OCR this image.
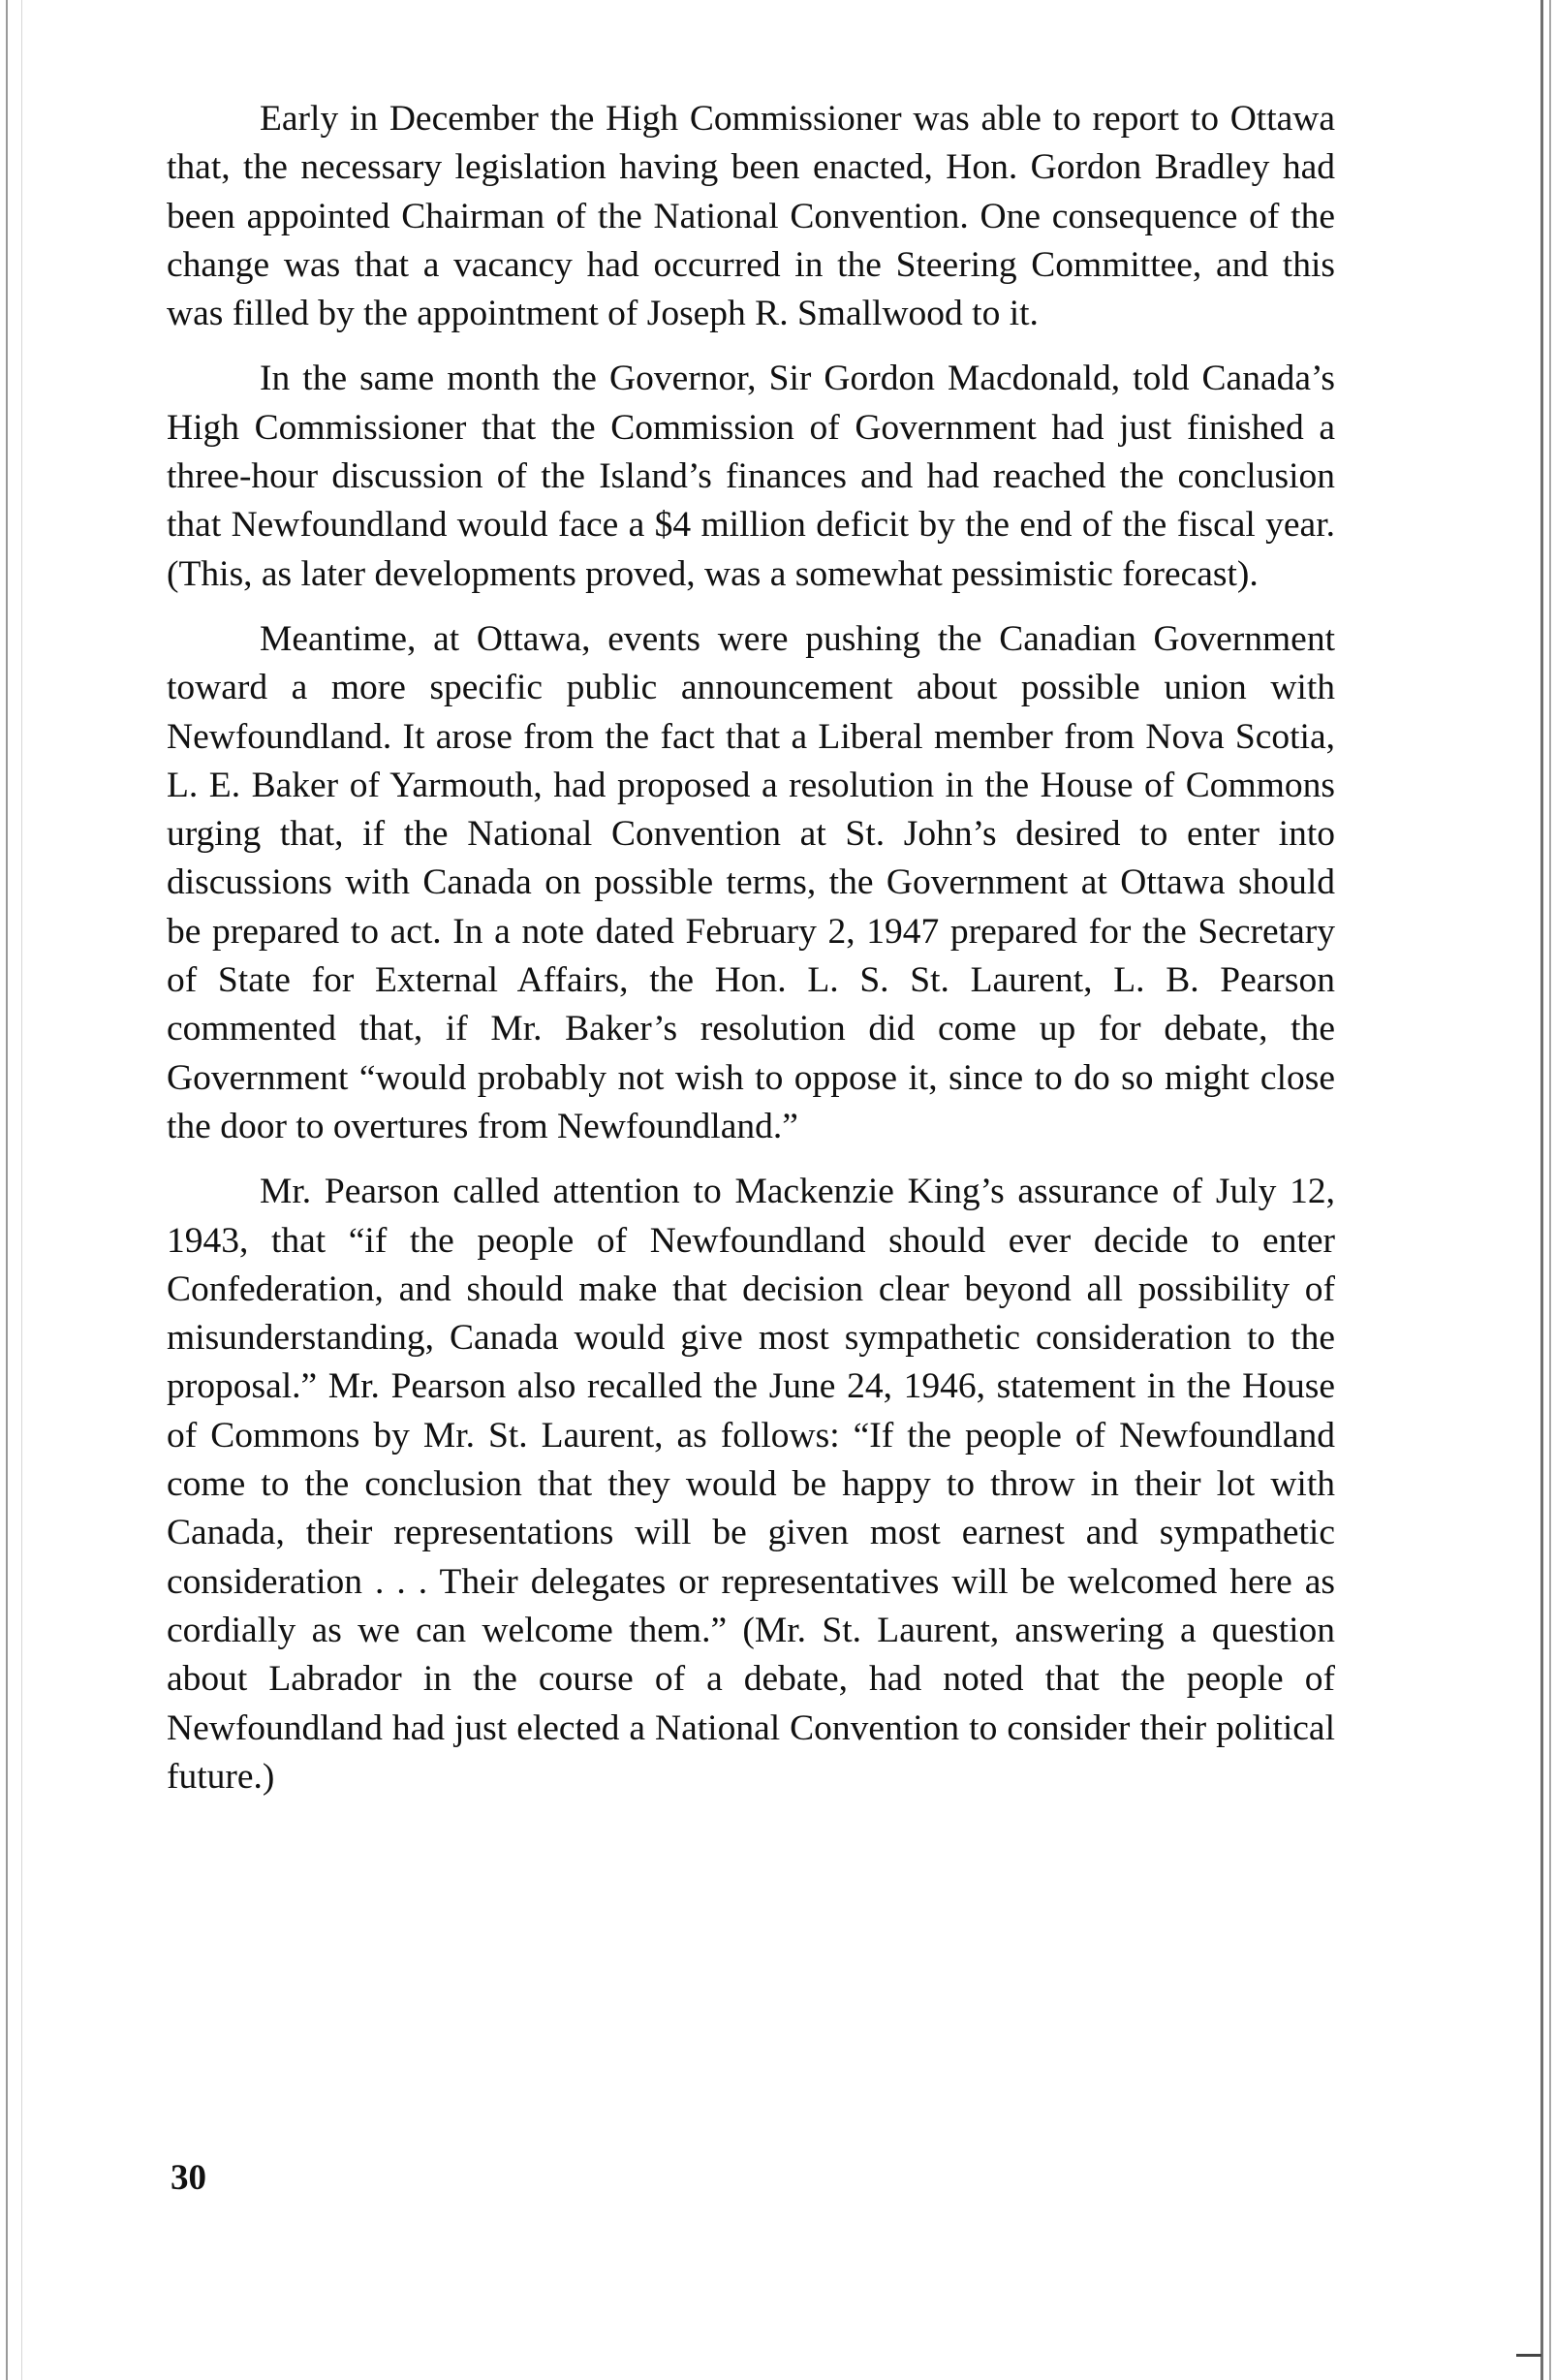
Early in December the High Commissioner was able to report to Ottawa that, the necessary legislation having been enacted, Hon. Gordon Bradley had been appointed Chairman of the National Convention. One consequence of the change was that a vacancy had occurred in the Steering Committee, and this was filled by the appointment of Joseph R. Smallwood to it.

In the same month the Governor, Sir Gordon Macdonald, told Canada’s High Commissioner that the Commission of Government had just finished a three-hour discussion of the Island’s finances and had reached the conclusion that Newfoundland would face a $4 million deficit by the end of the fiscal year. (This, as later developments proved, was a somewhat pessimistic forecast).

Meantime, at Ottawa, events were pushing the Canadian Government toward a more specific public announcement about possible union with Newfoundland. It arose from the fact that a Liberal member from Nova Scotia, L. E. Baker of Yarmouth, had proposed a resolution in the House of Commons urging that, if the National Convention at St. John’s desired to enter into discussions with Canada on possible terms, the Government at Ottawa should be prepared to act. In a note dated February 2, 1947 prepared for the Secretary of State for External Affairs, the Hon. L. S. St. Laurent, L. B. Pearson commented that, if Mr. Baker’s resolution did come up for debate, the Government “would probably not wish to oppose it, since to do so might close the door to overtures from Newfoundland.”

Mr. Pearson called attention to Mackenzie King’s assurance of July 12, 1943, that “if the people of Newfoundland should ever decide to enter Confederation, and should make that decision clear beyond all possibility of misunderstanding, Canada would give most sympathetic consideration to the proposal.” Mr. Pearson also recalled the June 24, 1946, statement in the House of Commons by Mr. St. Laurent, as follows: “If the people of Newfoundland come to the conclusion that they would be happy to throw in their lot with Canada, their representations will be given most earnest and sympathetic consideration . . . Their delegates or representatives will be welcomed here as cordially as we can welcome them.” (Mr. St. Laurent, answering a question about Labrador in the course of a debate, had noted that the people of Newfoundland had just elected a National Convention to consider their political future.)

30
